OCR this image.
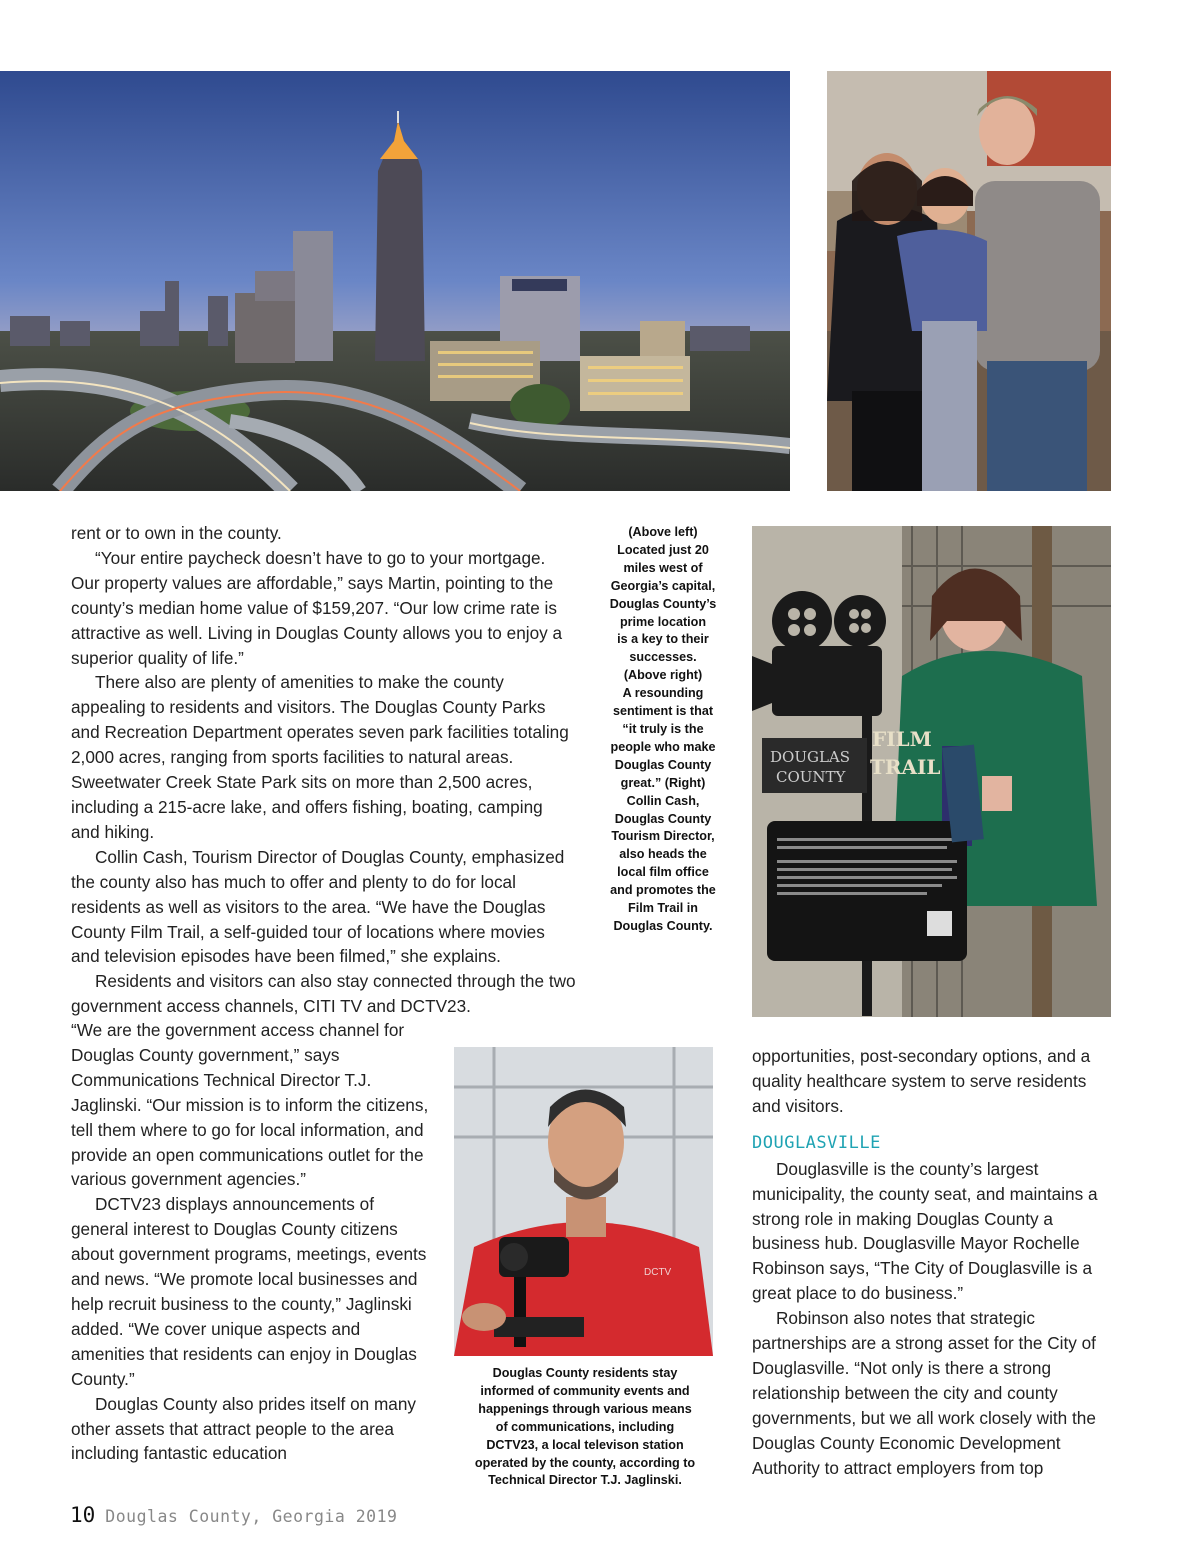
rent or to own in the county.

“Your entire paycheck doesn’t have to go to your mortgage. Our property values are affordable,” says Martin, pointing to the county’s median home value of $159,207. “Our low crime rate is attractive as well. Living in Douglas County allows you to enjoy a superior quality of life.”

There also are plenty of amenities to make the county appealing to residents and visitors. The Douglas County Parks and Recreation Department operates seven park facilities totaling 2,000 acres, ranging from sports facilities to natural areas. Sweetwater Creek State Park sits on more than 2,500 acres, including a 215-acre lake, and offers fishing, boating, camping and hiking.

Collin Cash, Tourism Director of Douglas County, emphasized the county also has much to offer and plenty to do for local residents as well as visitors to the area. “We have the Douglas County Film Trail, a self-guided tour of locations where movies and television episodes have been filmed,” she explains.

Residents and visitors can also stay connected through the two government access channels, CITI TV and DCTV23.

“We are the government access channel for Douglas County government,” says Communications Technical Director T.J. Jaglinski. “Our mission is to inform the citizens, tell them where to go for local information, and provide an open communications outlet for the various government agencies.”

DCTV23 displays announcements of general interest to Douglas County citizens about government programs, meetings, events and news. “We promote local businesses and help recruit business to the county,” Jaglinski added. “We cover unique aspects and amenities that residents can enjoy in Douglas County.”

Douglas County also prides itself on many other assets that attract people to the area including fantastic education

(Above left)
Located just 20
miles west of
Georgia’s capital,
Douglas County’s
prime location
is a key to their
successes.
(Above right)
A resounding
sentiment is that
“it truly is the
people who make
Douglas County
great.” (Right)
Collin Cash,
Douglas County
Tourism Director,
also heads the
local film office
and promotes the
Film Trail in
Douglas County.
DOUGLAS
COUNTY
FILM
TRAIL
DCTV
Douglas County residents stay
informed of community events and
happenings through various means
of communications, including
DCTV23, a local televison station
operated by the county, according to
Technical Director T.J. Jaglinski.

opportunities, post-secondary options, and a quality healthcare system to serve residents and visitors.

DOUGLASVILLE

Douglasville is the county’s largest municipality, the county seat, and maintains a strong role in making Douglas County a business hub. Douglasville Mayor Rochelle Robinson says, “The City of Douglasville is a great place to do business.”

Robinson also notes that strategic partnerships are a strong asset for the City of Douglasville. “Not only is there a strong relationship between the city and county governments, but we all work closely with the Douglas County Economic Development Authority to attract employers from top

10 Douglas County, Georgia 2019
